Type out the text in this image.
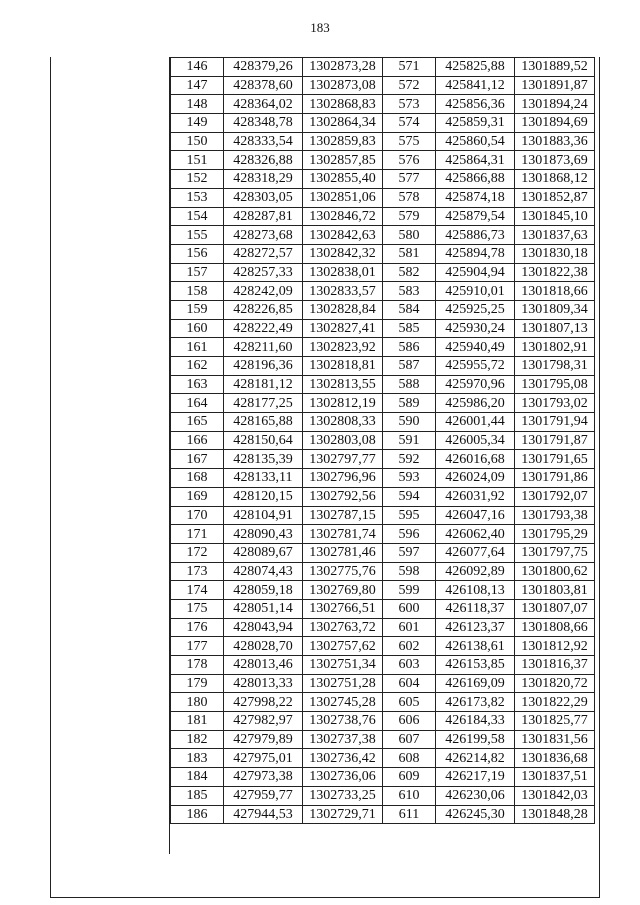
183
146	428379,26	1302873,28	571	425825,88	1301889,52
147	428378,60	1302873,08	572	425841,12	1301891,87
148	428364,02	1302868,83	573	425856,36	1301894,24
149	428348,78	1302864,34	574	425859,31	1301894,69
150	428333,54	1302859,83	575	425860,54	1301883,36
151	428326,88	1302857,85	576	425864,31	1301873,69
152	428318,29	1302855,40	577	425866,88	1301868,12
153	428303,05	1302851,06	578	425874,18	1301852,87
154	428287,81	1302846,72	579	425879,54	1301845,10
155	428273,68	1302842,63	580	425886,73	1301837,63
156	428272,57	1302842,32	581	425894,78	1301830,18
157	428257,33	1302838,01	582	425904,94	1301822,38
158	428242,09	1302833,57	583	425910,01	1301818,66
159	428226,85	1302828,84	584	425925,25	1301809,34
160	428222,49	1302827,41	585	425930,24	1301807,13
161	428211,60	1302823,92	586	425940,49	1301802,91
162	428196,36	1302818,81	587	425955,72	1301798,31
163	428181,12	1302813,55	588	425970,96	1301795,08
164	428177,25	1302812,19	589	425986,20	1301793,02
165	428165,88	1302808,33	590	426001,44	1301791,94
166	428150,64	1302803,08	591	426005,34	1301791,87
167	428135,39	1302797,77	592	426016,68	1301791,65
168	428133,11	1302796,96	593	426024,09	1301791,86
169	428120,15	1302792,56	594	426031,92	1301792,07
170	428104,91	1302787,15	595	426047,16	1301793,38
171	428090,43	1302781,74	596	426062,40	1301795,29
172	428089,67	1302781,46	597	426077,64	1301797,75
173	428074,43	1302775,76	598	426092,89	1301800,62
174	428059,18	1302769,80	599	426108,13	1301803,81
175	428051,14	1302766,51	600	426118,37	1301807,07
176	428043,94	1302763,72	601	426123,37	1301808,66
177	428028,70	1302757,62	602	426138,61	1301812,92
178	428013,46	1302751,34	603	426153,85	1301816,37
179	428013,33	1302751,28	604	426169,09	1301820,72
180	427998,22	1302745,28	605	426173,82	1301822,29
181	427982,97	1302738,76	606	426184,33	1301825,77
182	427979,89	1302737,38	607	426199,58	1301831,56
183	427975,01	1302736,42	608	426214,82	1301836,68
184	427973,38	1302736,06	609	426217,19	1301837,51
185	427959,77	1302733,25	610	426230,06	1301842,03
186	427944,53	1302729,71	611	426245,30	1301848,28
